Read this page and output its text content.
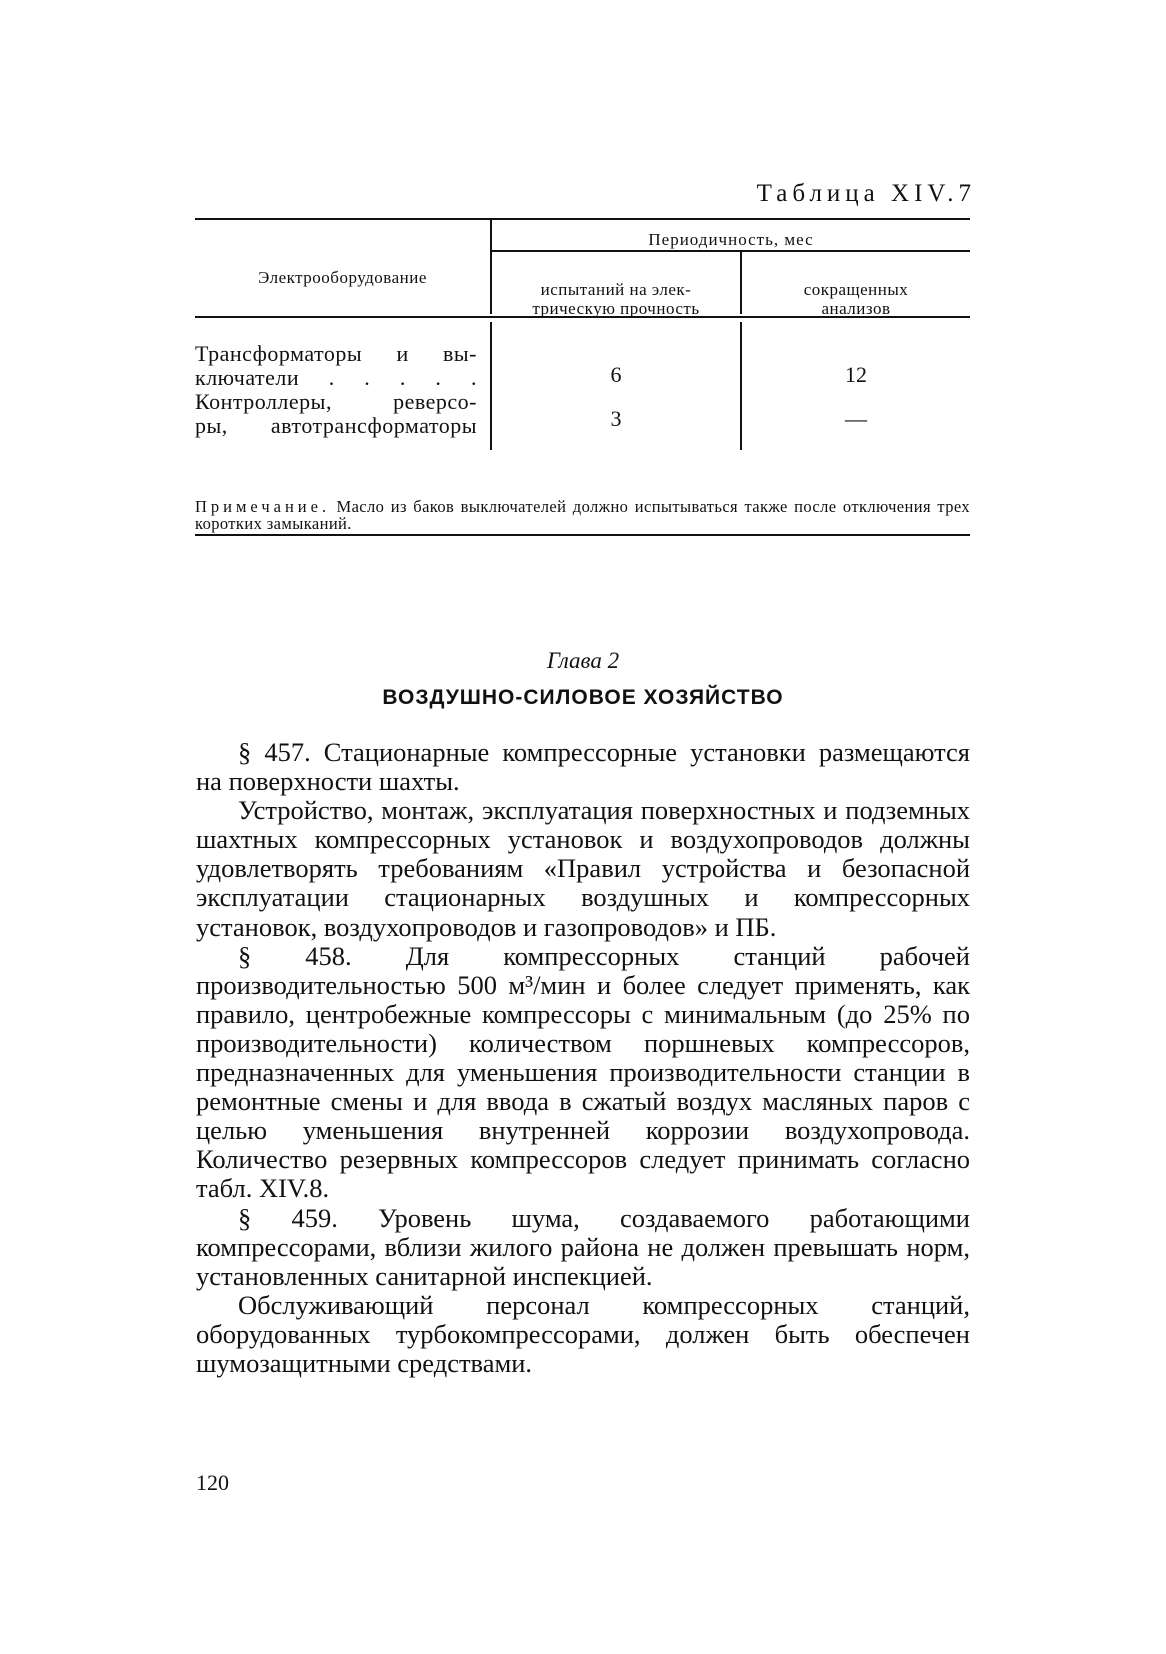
Таблица XIV.7
Электрооборудование
Периодичность, мес
испытаний на элек-
трическую прочность
сокращенных
анализов
Трансформаторы и вы-
ключатели . . . . .	6	12
Контроллеры, реверсо-
ры, автотрансформаторы	3	—
Примечание. Масло из баков выключателей должно испытываться также после отключения трех коротких замыканий.
Глава 2
ВОЗДУШНО-СИЛОВОЕ ХОЗЯЙСТВО

§ 457. Стационарные компрессорные установки размещаются на поверхности шахты.

Устройство, монтаж, эксплуатация поверхностных и подземных шахтных компрессорных установок и воздухопроводов должны удовлетворять требованиям «Правил устройства и безопасной эксплуатации стационарных воздушных и компрессорных установок, воздухопроводов и газопроводов» и ПБ.

§ 458. Для компрессорных станций рабочей производительностью 500 м³/мин и более следует применять, как правило, центробежные компрессоры с минимальным (до 25% по производительности) количеством поршневых компрессоров, предназначенных для уменьшения производительности станции в ремонтные смены и для ввода в сжатый воздух масляных паров с целью уменьшения внутренней коррозии воздухопровода. Количество резервных компрессоров следует принимать согласно табл. XIV.8.

§ 459. Уровень шума, создаваемого работающими компрессорами, вблизи жилого района не должен превышать норм, установленных санитарной инспекцией.

Обслуживающий персонал компрессорных станций, оборудованных турбокомпрессорами, должен быть обеспечен шумозащитными средствами.

120
